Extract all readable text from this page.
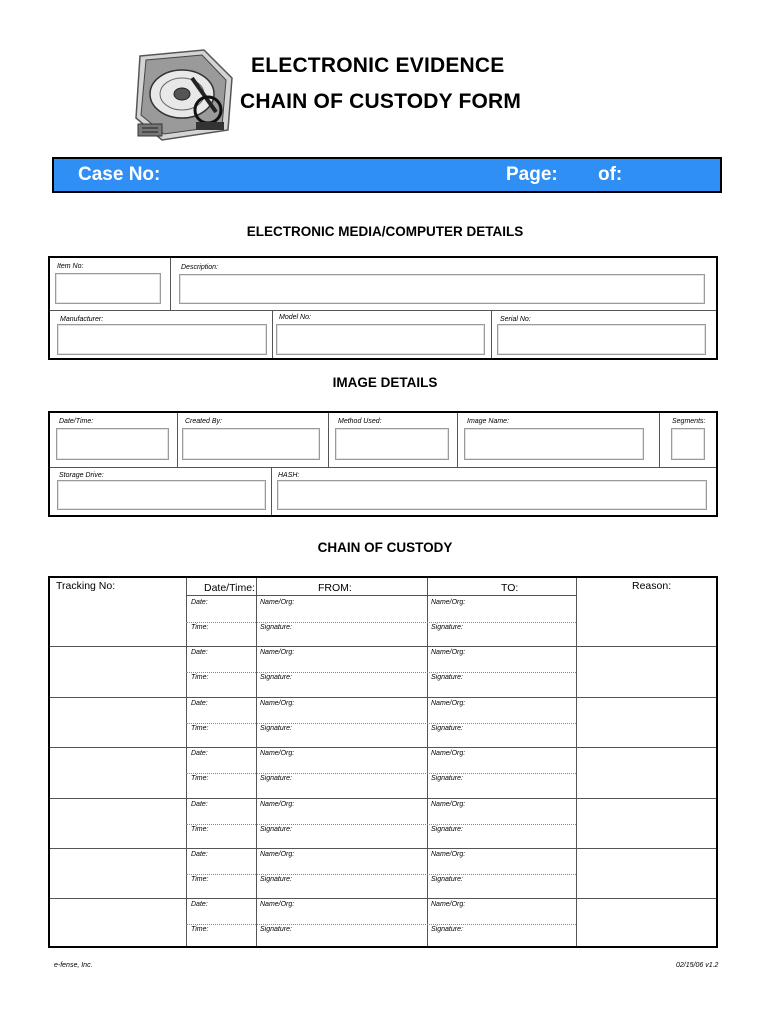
ELECTRONIC EVIDENCE
CHAIN OF CUSTODY FORM
Case No:	Page: of:
ELECTRONIC MEDIA/COMPUTER DETAILS
Item No:	Description:
Manufacturer:	Model No:	Serial No:
IMAGE DETAILS
Date/Time:	Created By:	Method Used:	Image Name:	Segments:
Storage Drive:	HASH:
CHAIN OF CUSTODY
Tracking No:	Date/Time:	FROM:	TO:	Reason:
Date:	Name/Org:	Name/Org:
Time:	Signature:	Signature:
Date:	Name/Org:	Name/Org:
Time:	Signature:	Signature:
Date:	Name/Org:	Name/Org:
Time:	Signature:	Signature:
Date:	Name/Org:	Name/Org:
Time:	Signature:	Signature:
Date:	Name/Org:	Name/Org:
Time:	Signature:	Signature:
Date:	Name/Org:	Name/Org:
Time:	Signature:	Signature:
Date:	Name/Org:	Name/Org:
Time:	Signature:	Signature:
e-fense, Inc.	02/15/06 v1.2
